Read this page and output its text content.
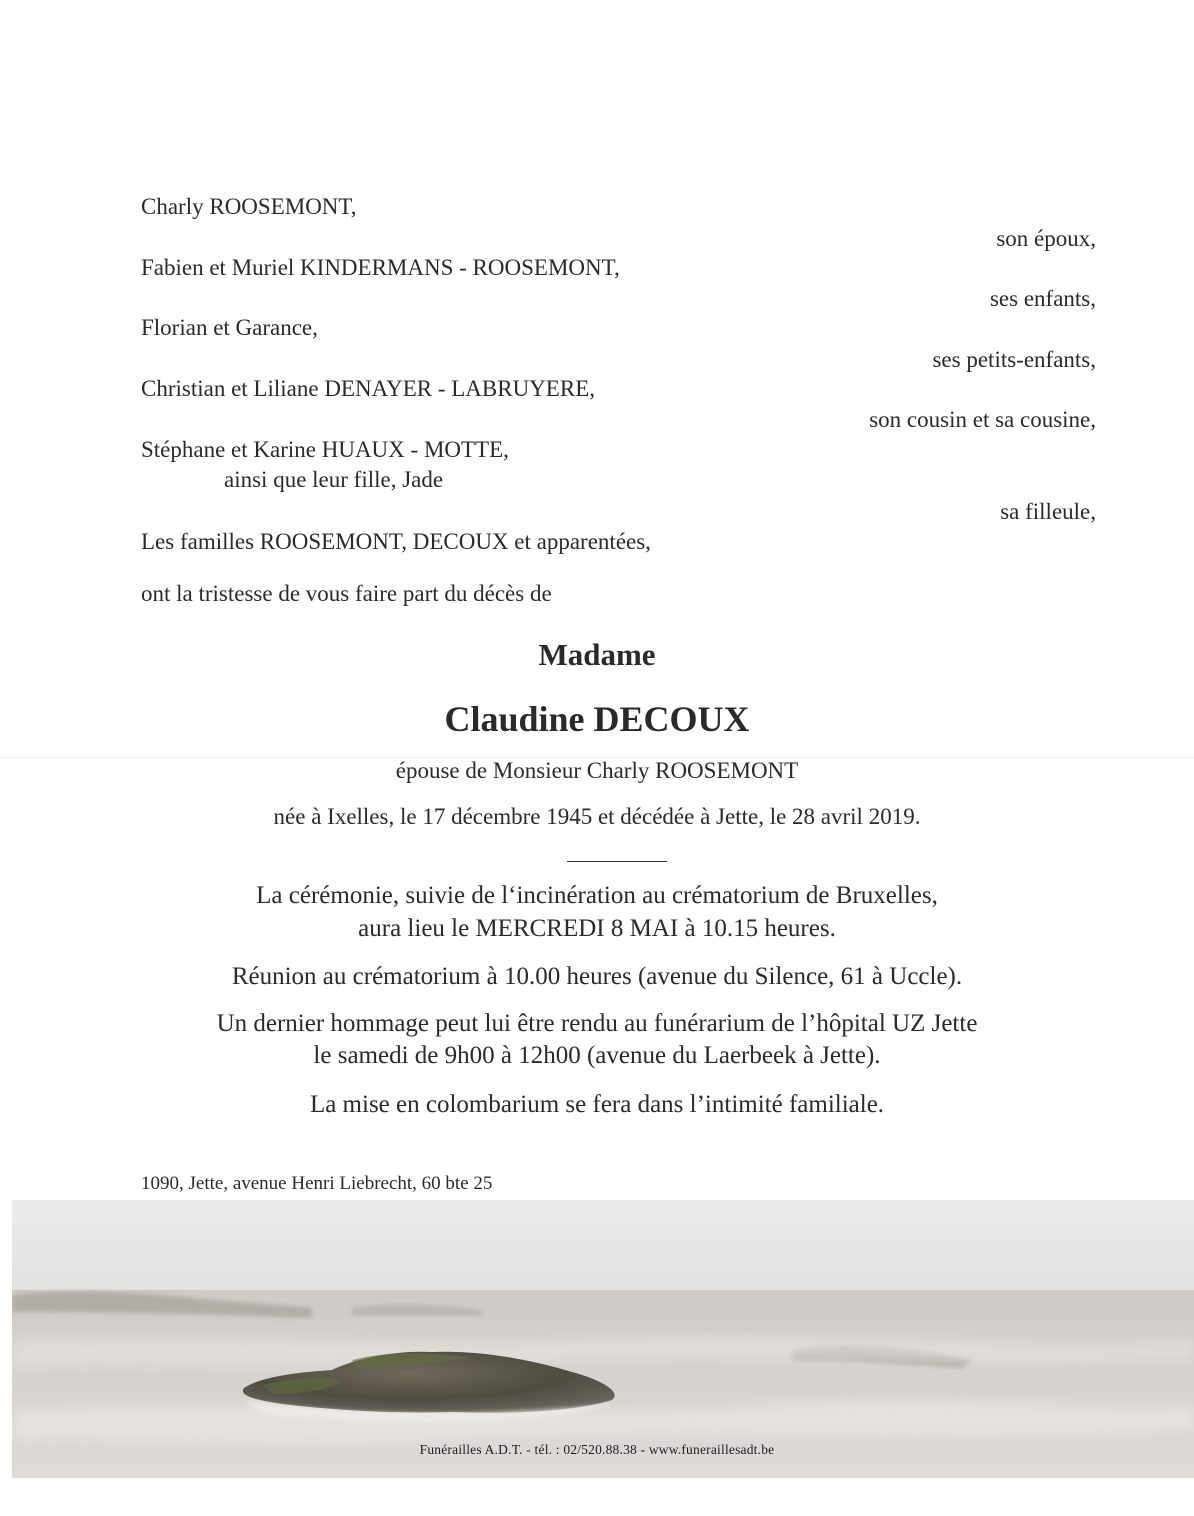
Charly ROOSEMONT,
Fabien et Muriel KINDERMANS - ROOSEMONT,
Florian et Garance,
Christian et Liliane DENAYER - LABRUYERE,
Stéphane et Karine HUAUX - MOTTE,
ainsi que leur fille, Jade
Les familles ROOSEMONT, DECOUX et apparentées,
son époux,
ses enfants,
ses petits-enfants,
son cousin et sa cousine,
sa filleule,
ont la tristesse de vous faire part du décès de
Madame
Claudine DECOUX
épouse de Monsieur Charly ROOSEMONT
née à Ixelles, le 17 décembre 1945 et décédée à Jette, le 28 avril 2019.
La cérémonie, suivie de l‘incinération au crématorium de Bruxelles,
aura lieu le MERCREDI 8 MAI à 10.15 heures.
Réunion au crématorium à 10.00 heures (avenue du Silence, 61 à Uccle).
Un dernier hommage peut lui être rendu au funérarium de l’hôpital UZ Jette
le samedi de 9h00 à 12h00 (avenue du Laerbeek à Jette).
La mise en colombarium se fera dans l’intimité familiale.
1090, Jette, avenue Henri Liebrecht, 60 bte 25
Funérailles A.D.T. - tél. : 02/520.88.38 - www.funeraillesadt.be
